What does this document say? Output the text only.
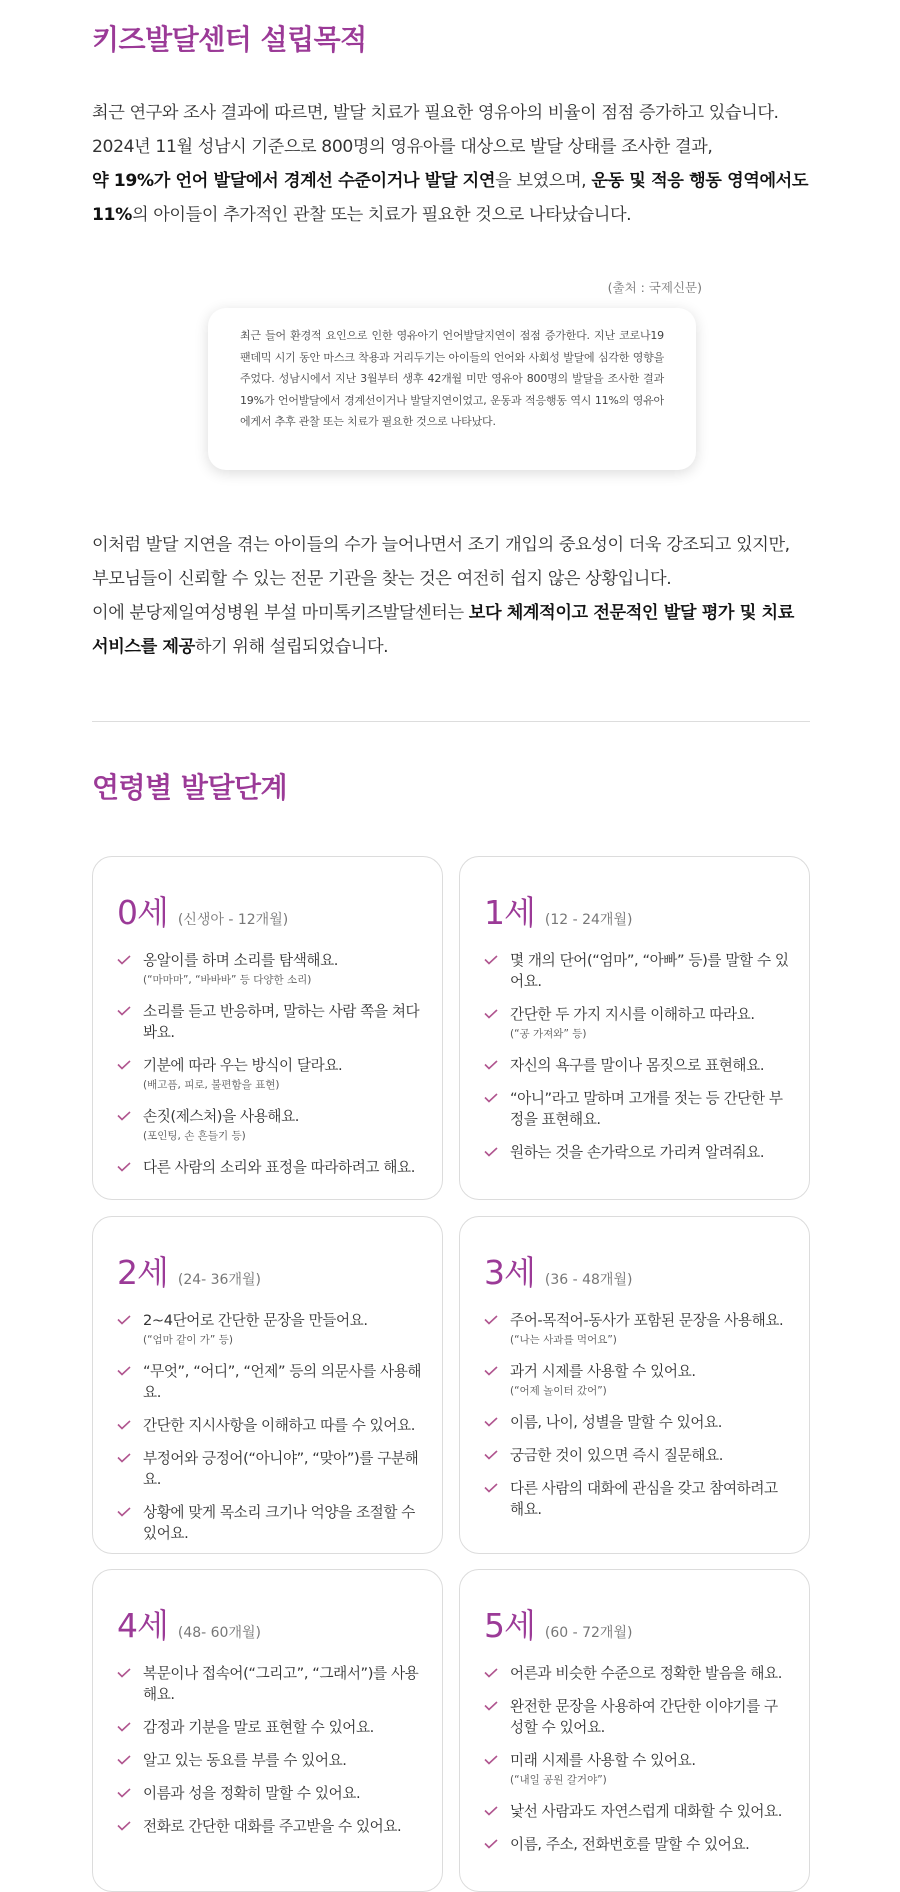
키즈발달센터 설립목적
최근 연구와 조사 결과에 따르면, 발달 치료가 필요한 영유아의 비율이 점점 증가하고 있습니다.
2024년 11월 성남시 기준으로 800명의 영유아를 대상으로 발달 상태를 조사한 결과,
약 19%가 언어 발달에서 경계선 수준이거나 발달 지연을 보였으며, 운동 및 적응 행동 영역에서도
11%의 아이들이 추가적인 관찰 또는 치료가 필요한 것으로 나타났습니다.
(출처 : 국제신문)
최근 들어 환경적 요인으로 인한 영유아기 언어발달지연이 점점 증가한다. 지난 코로나19 팬데믹 시기 동안 마스크 착용과 거리두기는 아이들의 언어와 사회성 발달에 심각한 영향을 주었다. 성남시에서 지난 3월부터 생후 42개월 미만 영유아 800명의 발달을 조사한 결과 19%가 언어발달에서 경계선이거나 발달지연이었고, 운동과 적응행동 역시 11%의 영유아에게서 추후 관찰 또는 치료가 필요한 것으로 나타났다.
이처럼 발달 지연을 겪는 아이들의 수가 늘어나면서 조기 개입의 중요성이 더욱 강조되고 있지만,
부모님들이 신뢰할 수 있는 전문 기관을 찾는 것은 여전히 쉽지 않은 상황입니다.
이에 분당제일여성병원 부설 마미톡키즈발달센터는 보다 체계적이고 전문적인 발달 평가 및 치료
서비스를 제공하기 위해 설립되었습니다.
연령별 발달단계
0세 (신생아 - 12개월)
옹알이를 하며 소리를 탐색해요.
(“마마마”, “바바바” 등 다양한 소리)
소리를 듣고 반응하며, 말하는 사람 쪽을 쳐다봐요.
기분에 따라 우는 방식이 달라요.
(배고픔, 피로, 불편함을 표현)
손짓(제스처)을 사용해요.
(포인팅, 손 흔들기 등)
다른 사람의 소리와 표정을 따라하려고 해요.
1세 (12 - 24개월)
몇 개의 단어(“엄마”, “아빠” 등)를 말할 수 있어요.
간단한 두 가지 지시를 이해하고 따라요.
(“공 가져와” 등)
자신의 욕구를 말이나 몸짓으로 표현해요.
“아니”라고 말하며 고개를 젓는 등 간단한 부정을 표현해요.
원하는 것을 손가락으로 가리켜 알려줘요.
2세 (24- 36개월)
2~4단어로 간단한 문장을 만들어요.
(“엄마 같이 가” 등)
“무엇”, “어디”, “언제” 등의 의문사를 사용해요.
간단한 지시사항을 이해하고 따를 수 있어요.
부정어와 긍정어(“아니야”, “맞아”)를 구분해요.
상황에 맞게 목소리 크기나 억양을 조절할 수 있어요.
3세 (36 - 48개월)
주어-목적어-동사가 포함된 문장을 사용해요.
(“나는 사과를 먹어요”)
과거 시제를 사용할 수 있어요.
(“어제 놀이터 갔어”)
이름, 나이, 성별을 말할 수 있어요.
궁금한 것이 있으면 즉시 질문해요.
다른 사람의 대화에 관심을 갖고 참여하려고 해요.
4세 (48- 60개월)
복문이나 접속어(“그리고”, “그래서”)를 사용해요.
감정과 기분을 말로 표현할 수 있어요.
알고 있는 동요를 부를 수 있어요.
이름과 성을 정확히 말할 수 있어요.
전화로 간단한 대화를 주고받을 수 있어요.
5세 (60 - 72개월)
어른과 비슷한 수준으로 정확한 발음을 해요.
완전한 문장을 사용하여 간단한 이야기를 구성할 수 있어요.
미래 시제를 사용할 수 있어요.
(“내일 공원 갈거야”)
낯선 사람과도 자연스럽게 대화할 수 있어요.
이름, 주소, 전화번호를 말할 수 있어요.
